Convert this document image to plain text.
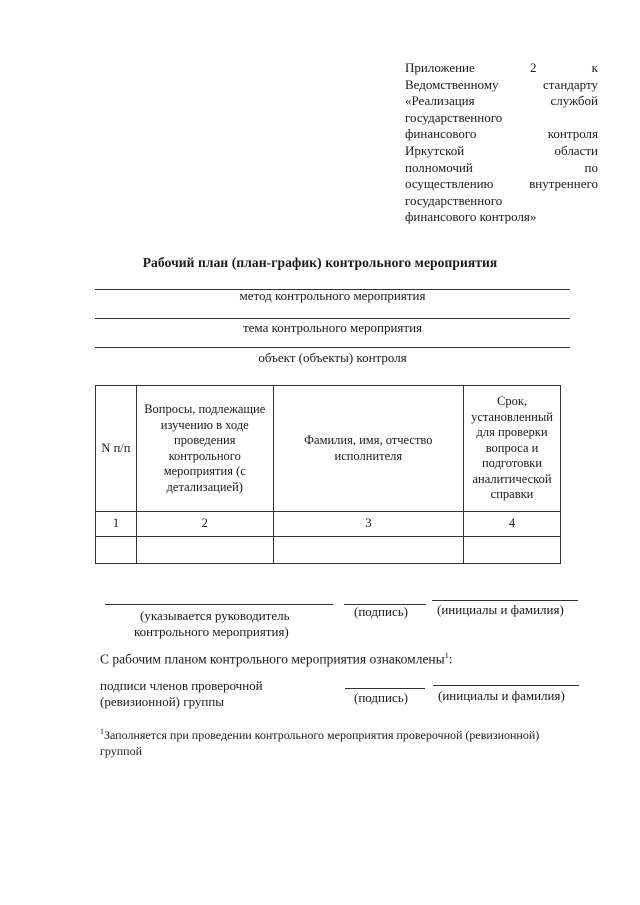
Приложение	2	к
Ведомственному	стандарту
«Реализация	службой
государственного
финансового	контроля
Иркутской	области
полномочий	по
осуществлению	внутреннего
государственного
финансового контроля»
Рабочий план (план-график) контрольного мероприятия
метод контрольного мероприятия
тема контрольного мероприятия
объект (объекты) контроля
N п/п	Вопросы, подлежащие изучению в ходе проведения контрольного мероприятия (с детализацией)	Фамилия, имя, отчество исполнителя	Срок, установленный для проверки вопроса и подготовки аналитической справки
1	2	3	4

(указывается руководитель
контрольного мероприятия)
(подпись) (инициалы и фамилия)
С рабочим планом контрольного мероприятия ознакомлены$^1$:
подписи членов проверочной
(ревизионной) группы	(подпись) (инициалы и фамилия)
$^1$Заполняется при проведении контрольного мероприятия проверочной (ревизионной) группой
